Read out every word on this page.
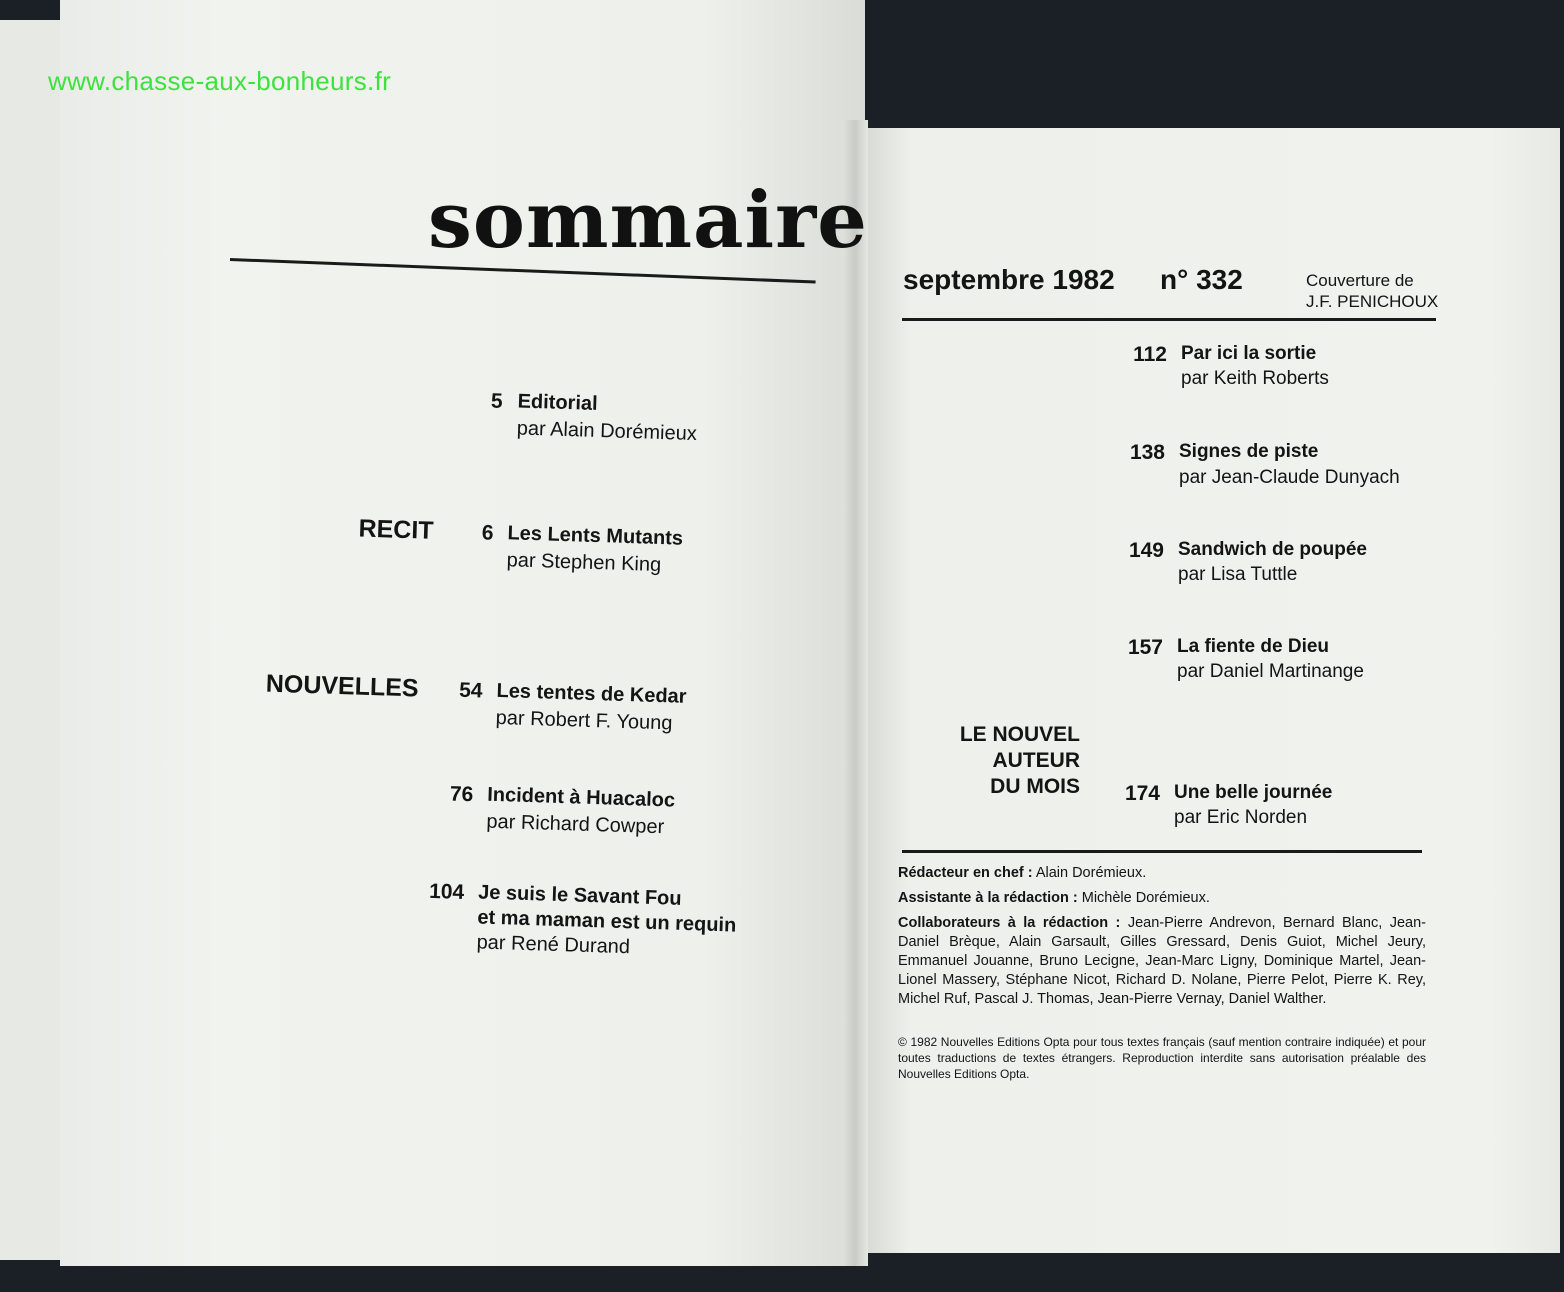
www.chasse-aux-bonheurs.fr
sommaire
5 Editorial
par Alain Dorémieux
RECIT	6 Les Lents Mutants
par Stephen King
NOUVELLES	54 Les tentes de Kedar
par Robert F. Young
76 Incident à Huacaloc
par Richard Cowper
104 Je suis le Savant Fou
et ma maman est un requin
par René Durand
septembre 1982 n° 332	Couverture de
J.F. PENICHOUX
112 Par ici la sortie
par Keith Roberts
138 Signes de piste
par Jean-Claude Dunyach
149 Sandwich de poupée
par Lisa Tuttle
157 La fiente de Dieu
par Daniel Martinange
LE NOUVEL
AUTEUR
DU MOIS	174 Une belle journée
par Eric Norden
Rédacteur en chef : Alain Dorémieux.
Assistante à la rédaction : Michèle Dorémieux.
Collaborateurs à la rédaction : Jean-Pierre Andrevon, Bernard Blanc, Jean-Daniel Brèque, Alain Garsault, Gilles Gressard, Denis Guiot, Michel Jeury, Emmanuel Jouanne, Bruno Lecigne, Jean-Marc Ligny, Dominique Martel, Jean-Lionel Massery, Stéphane Nicot, Richard D. Nolane, Pierre Pelot, Pierre K. Rey, Michel Ruf, Pascal J. Thomas, Jean-Pierre Vernay, Daniel Walther.
© 1982 Nouvelles Editions Opta pour tous textes français (sauf mention contraire indiquée) et pour toutes traductions de textes étrangers. Reproduction interdite sans autorisation préalable des Nouvelles Editions Opta.
